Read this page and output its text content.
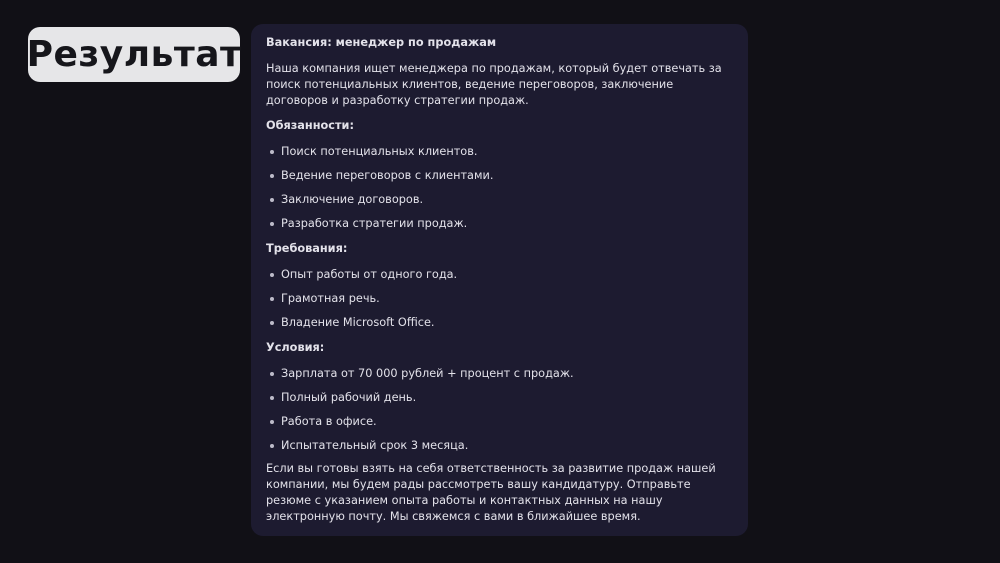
Результат Вакансия: менеджер по продажам

Наша компания ищет менеджера по продажам, который будет отвечать за поиск потенциальных клиентов, ведение переговоров, заключение договоров и разработку стратегии продаж.

Обязанности:

Поиск потенциальных клиентов.
Ведение переговоров с клиентами.
Заключение договоров.
Разработка стратегии продаж.

Требования:

Опыт работы от одного года.
Грамотная речь.
Владение Microsoft Office.

Условия:

Зарплата от 70 000 рублей + процент с продаж.
Полный рабочий день.
Работа в офисе.
Испытательный срок 3 месяца.

Если вы готовы взять на себя ответственность за развитие продаж нашей компании, мы будем рады рассмотреть вашу кандидатуру. Отправьте резюме с указанием опыта работы и контактных данных на нашу электронную почту. Мы свяжемся с вами в ближайшее время.
